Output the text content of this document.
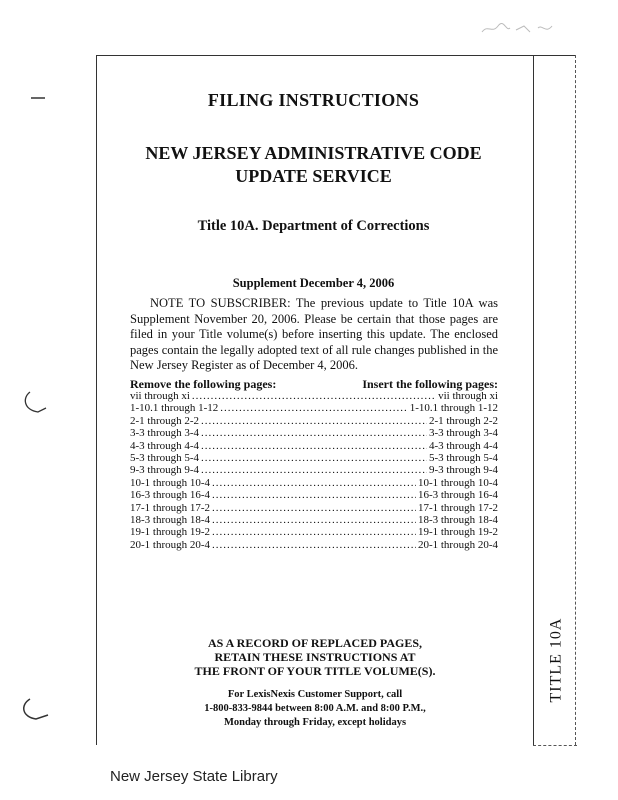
FILING INSTRUCTIONS
NEW JERSEY ADMINISTRATIVE CODE
UPDATE SERVICE
Title 10A. Department of Corrections
Supplement December 4, 2006
NOTE TO SUBSCRIBER: The previous update to Title 10A was Supplement November 20, 2006. Please be certain that those pages are filed in your Title volume(s) before inserting this update. The enclosed pages contain the legally adopted text of all rule changes published in the New Jersey Register as of December 4, 2006.
Remove the following pages:	Insert the following pages:
vii through xi .....	vii through xi
1-10.1 through 1-12 .....	1-10.1 through 1-12
2-1 through 2-2 .....	2-1 through 2-2
3-3 through 3-4 .....	3-3 through 3-4
4-3 through 4-4 .....	4-3 through 4-4
5-3 through 5-4 .....	5-3 through 5-4
9-3 through 9-4 .....	9-3 through 9-4
10-1 through 10-4 .....	10-1 through 10-4
16-3 through 16-4 .....	16-3 through 16-4
17-1 through 17-2 .....	17-1 through 17-2
18-3 through 18-4 .....	18-3 through 18-4
19-1 through 19-2 .....	19-1 through 19-2
20-1 through 20-4 .....	20-1 through 20-4
AS A RECORD OF REPLACED PAGES,
RETAIN THESE INSTRUCTIONS AT
THE FRONT OF YOUR TITLE VOLUME(S).
For LexisNexis Customer Support, call
1-800-833-9844 between 8:00 A.M. and 8:00 P.M.,
Monday through Friday, except holidays
TITLE 10A
New Jersey State Library
